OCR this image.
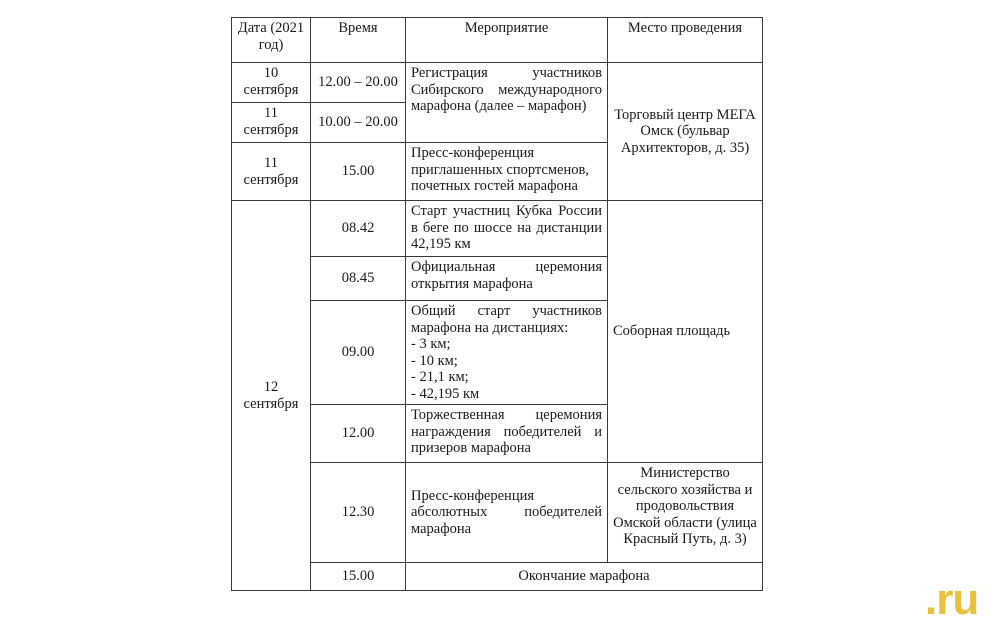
Дата (2021 год)	Время	Мероприятие	Место проведения
10 сентября	12.00 – 20.00	Регистрация участников Сибирского международного марафона (далее – марафон)	Торговый центр МЕГА Омск (бульвар Архитекторов, д. 35)
11 сентября	10.00 – 20.00		
11 сентября	15.00	Пресс-конференция приглашенных спортсменов, почетных гостей марафона	
12 сентября	08.42	Старт участниц Кубка России в беге по шоссе на дистанции 42,195 км	Соборная площадь
	08.45	Официальная церемония открытия марафона	
	09.00	Общий старт участников марафона на дистанциях:
- 3 км;
- 10 км;
- 21,1 км;
- 42,195 км	

	12.00	Торжественная церемония награждения победителей и призеров марафона	
	12.30	Пресс-конференция абсолютных победителей марафона	Министерство сельского хозяйства и продовольствия Омской области (улица Красный Путь, д. 3)
	15.00	Окончание марафона		.ru
